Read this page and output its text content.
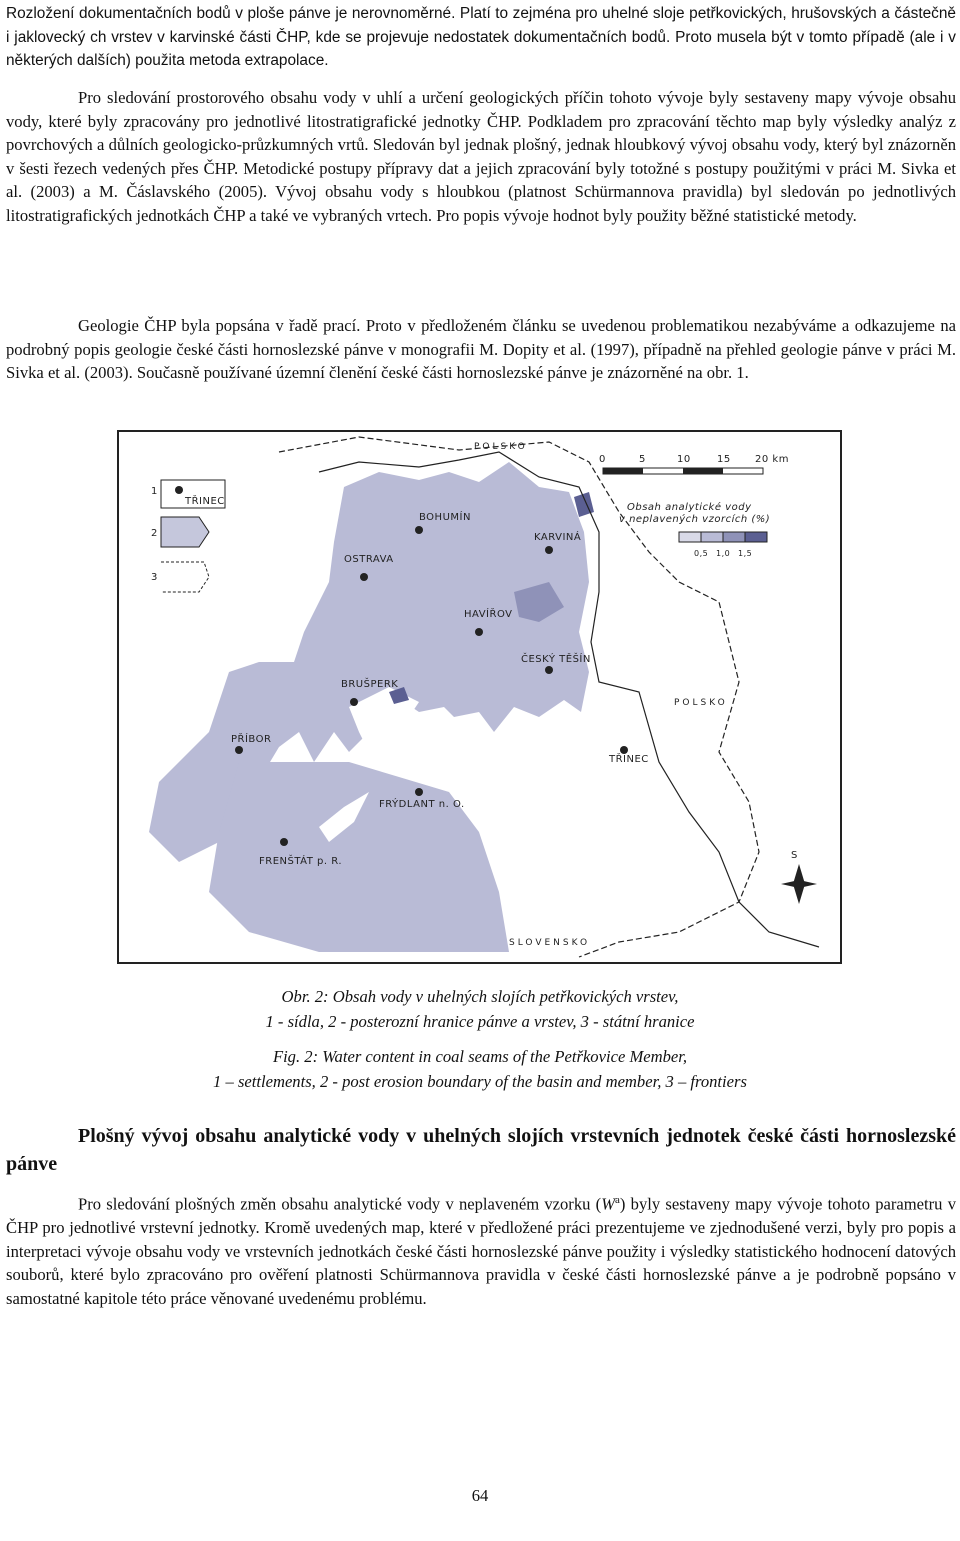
Rozložení dokumentačních bodů v ploše pánve je nerovnoměrné. Platí to zejména pro uhelné sloje petřkovických, hrušovských a částečně i jaklovecký ch vrstev v karvinské části ČHP, kde se projevuje nedostatek dokumentačních bodů. Proto musela být v tomto případě (ale i v některých dalších) použita metoda extrapolace.

Pro sledování prostorového obsahu vody v uhlí a určení geologických příčin tohoto vývoje byly sestaveny mapy vývoje obsahu vody, které byly zpracovány pro jednotlivé litostratigrafické jednotky ČHP. Podkladem pro zpracování těchto map byly výsledky analýz z povrchových a důlních geologicko-průzkumných vrtů. Sledován byl jednak plošný, jednak hloubkový vývoj obsahu vody, který byl znázorněn v šesti řezech vedených přes ČHP. Metodické postupy přípravy dat a jejich zpracování byly totožné s postupy použitými v práci M. Sivka et al. (2003) a M. Čáslavského (2005). Vývoj obsahu vody s hloubkou (platnost Schürmannova pravidla) byl sledován po jednotlivých litostratigrafických jednotkách ČHP a také ve vybraných vrtech. Pro popis vývoje hodnot byly použity běžné statistické metody.

Geologie ČHP byla popsána v řadě prací. Proto v předloženém článku se uvedenou problematikou nezabýváme a odkazujeme na podrobný popis geologie české části hornoslezské pánve v monografii M. Dopity et al. (1997), případně na přehled geologie pánve v práci M. Sivka et al. (2003). Současně používané územní členění české části hornoslezské pánve je znázorněné na obr. 1.

POLSKO
POLSKO
SLOVENSKO
BOHUMÍN
KARVINÁ
OSTRAVA
HAVÍŘOV
ČESKÝ TĚŠÍN
BRUŠPERK
PŘÍBOR
TŘINEC
FRÝDLANT n. O.
FRENŠTÁT p. R.
S
1
TŘINEC
2
3
0	5	10	15 20 km
Obsah analytické vody
v neplavených vzorcích (%)
0,5 1,0 1,5

Obr. 2: Obsah vody v uhelných slojích petřkovických vrstev,

1 - sídla, 2 - posterozní hranice pánve a vrstev, 3 - státní hranice

Fig. 2: Water content in coal seams of the Petřkovice Member,

1 – settlements, 2 - post erosion boundary of the basin and member, 3 – frontiers

Plošný vývoj obsahu analytické vody v uhelných slojích vrstevních jednotek české části hornoslezské pánve

Pro sledování plošných změn obsahu analytické vody v neplaveném vzorku $(W^a)$ byly sestaveny mapy vývoje tohoto parametru v ČHP pro jednotlivé vrstevní jednotky. Kromě uvedených map, které v předložené práci prezentujeme ve zjednodušené verzi, byly pro popis a interpretaci vývoje obsahu vody ve vrstevních jednotkách české části hornoslezské pánve použity i výsledky statistického hodnocení datových souborů, které bylo zpracováno pro ověření platnosti Schürmannova pravidla v české části hornoslezské pánve a je podrobně popsáno v samostatné kapitole této práce věnované uvedenému problému.

64
